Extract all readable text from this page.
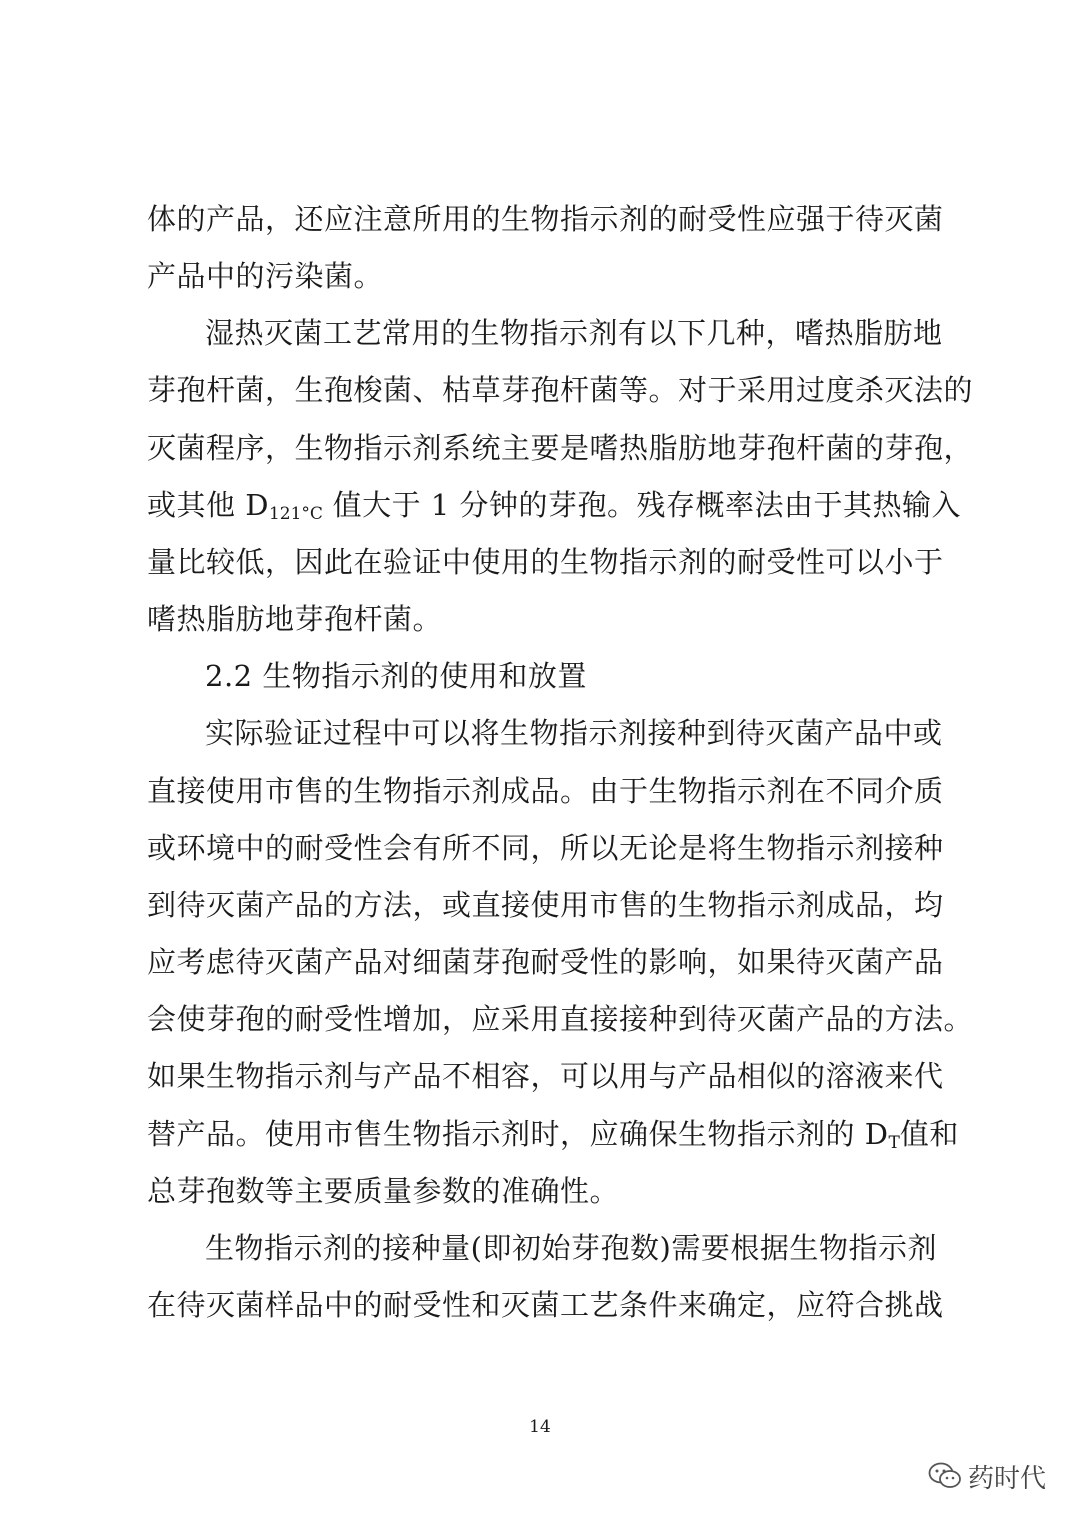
体的产品，还应注意所用的生物指示剂的耐受性应强于待灭菌
产品中的污染菌。
湿热灭菌工艺常用的生物指示剂有以下几种，嗜热脂肪地
芽孢杆菌，生孢梭菌、枯草芽孢杆菌等。对于采用过度杀灭法的
灭菌程序，生物指示剂系统主要是嗜热脂肪地芽孢杆菌的芽孢，
或其他 $D_{121^\circ C}$ 值大于 1 分钟的芽孢。残存概率法由于其热输入
量比较低，因此在验证中使用的生物指示剂的耐受性可以小于
嗜热脂肪地芽孢杆菌。
2.2 生物指示剂的使用和放置
实际验证过程中可以将生物指示剂接种到待灭菌产品中或
直接使用市售的生物指示剂成品。由于生物指示剂在不同介质
或环境中的耐受性会有所不同，所以无论是将生物指示剂接种
到待灭菌产品的方法，或直接使用市售的生物指示剂成品，均
应考虑待灭菌产品对细菌芽孢耐受性的影响，如果待灭菌产品
会使芽孢的耐受性增加，应采用直接接种到待灭菌产品的方法。
如果生物指示剂与产品不相容，可以用与产品相似的溶液来代
替产品。使用市售生物指示剂时，应确保生物指示剂的 $D_T$值和
总芽孢数等主要质量参数的准确性。
生物指示剂的接种量(即初始芽孢数)需要根据生物指示剂
在待灭菌样品中的耐受性和灭菌工艺条件来确定，应符合挑战
14
药时代
